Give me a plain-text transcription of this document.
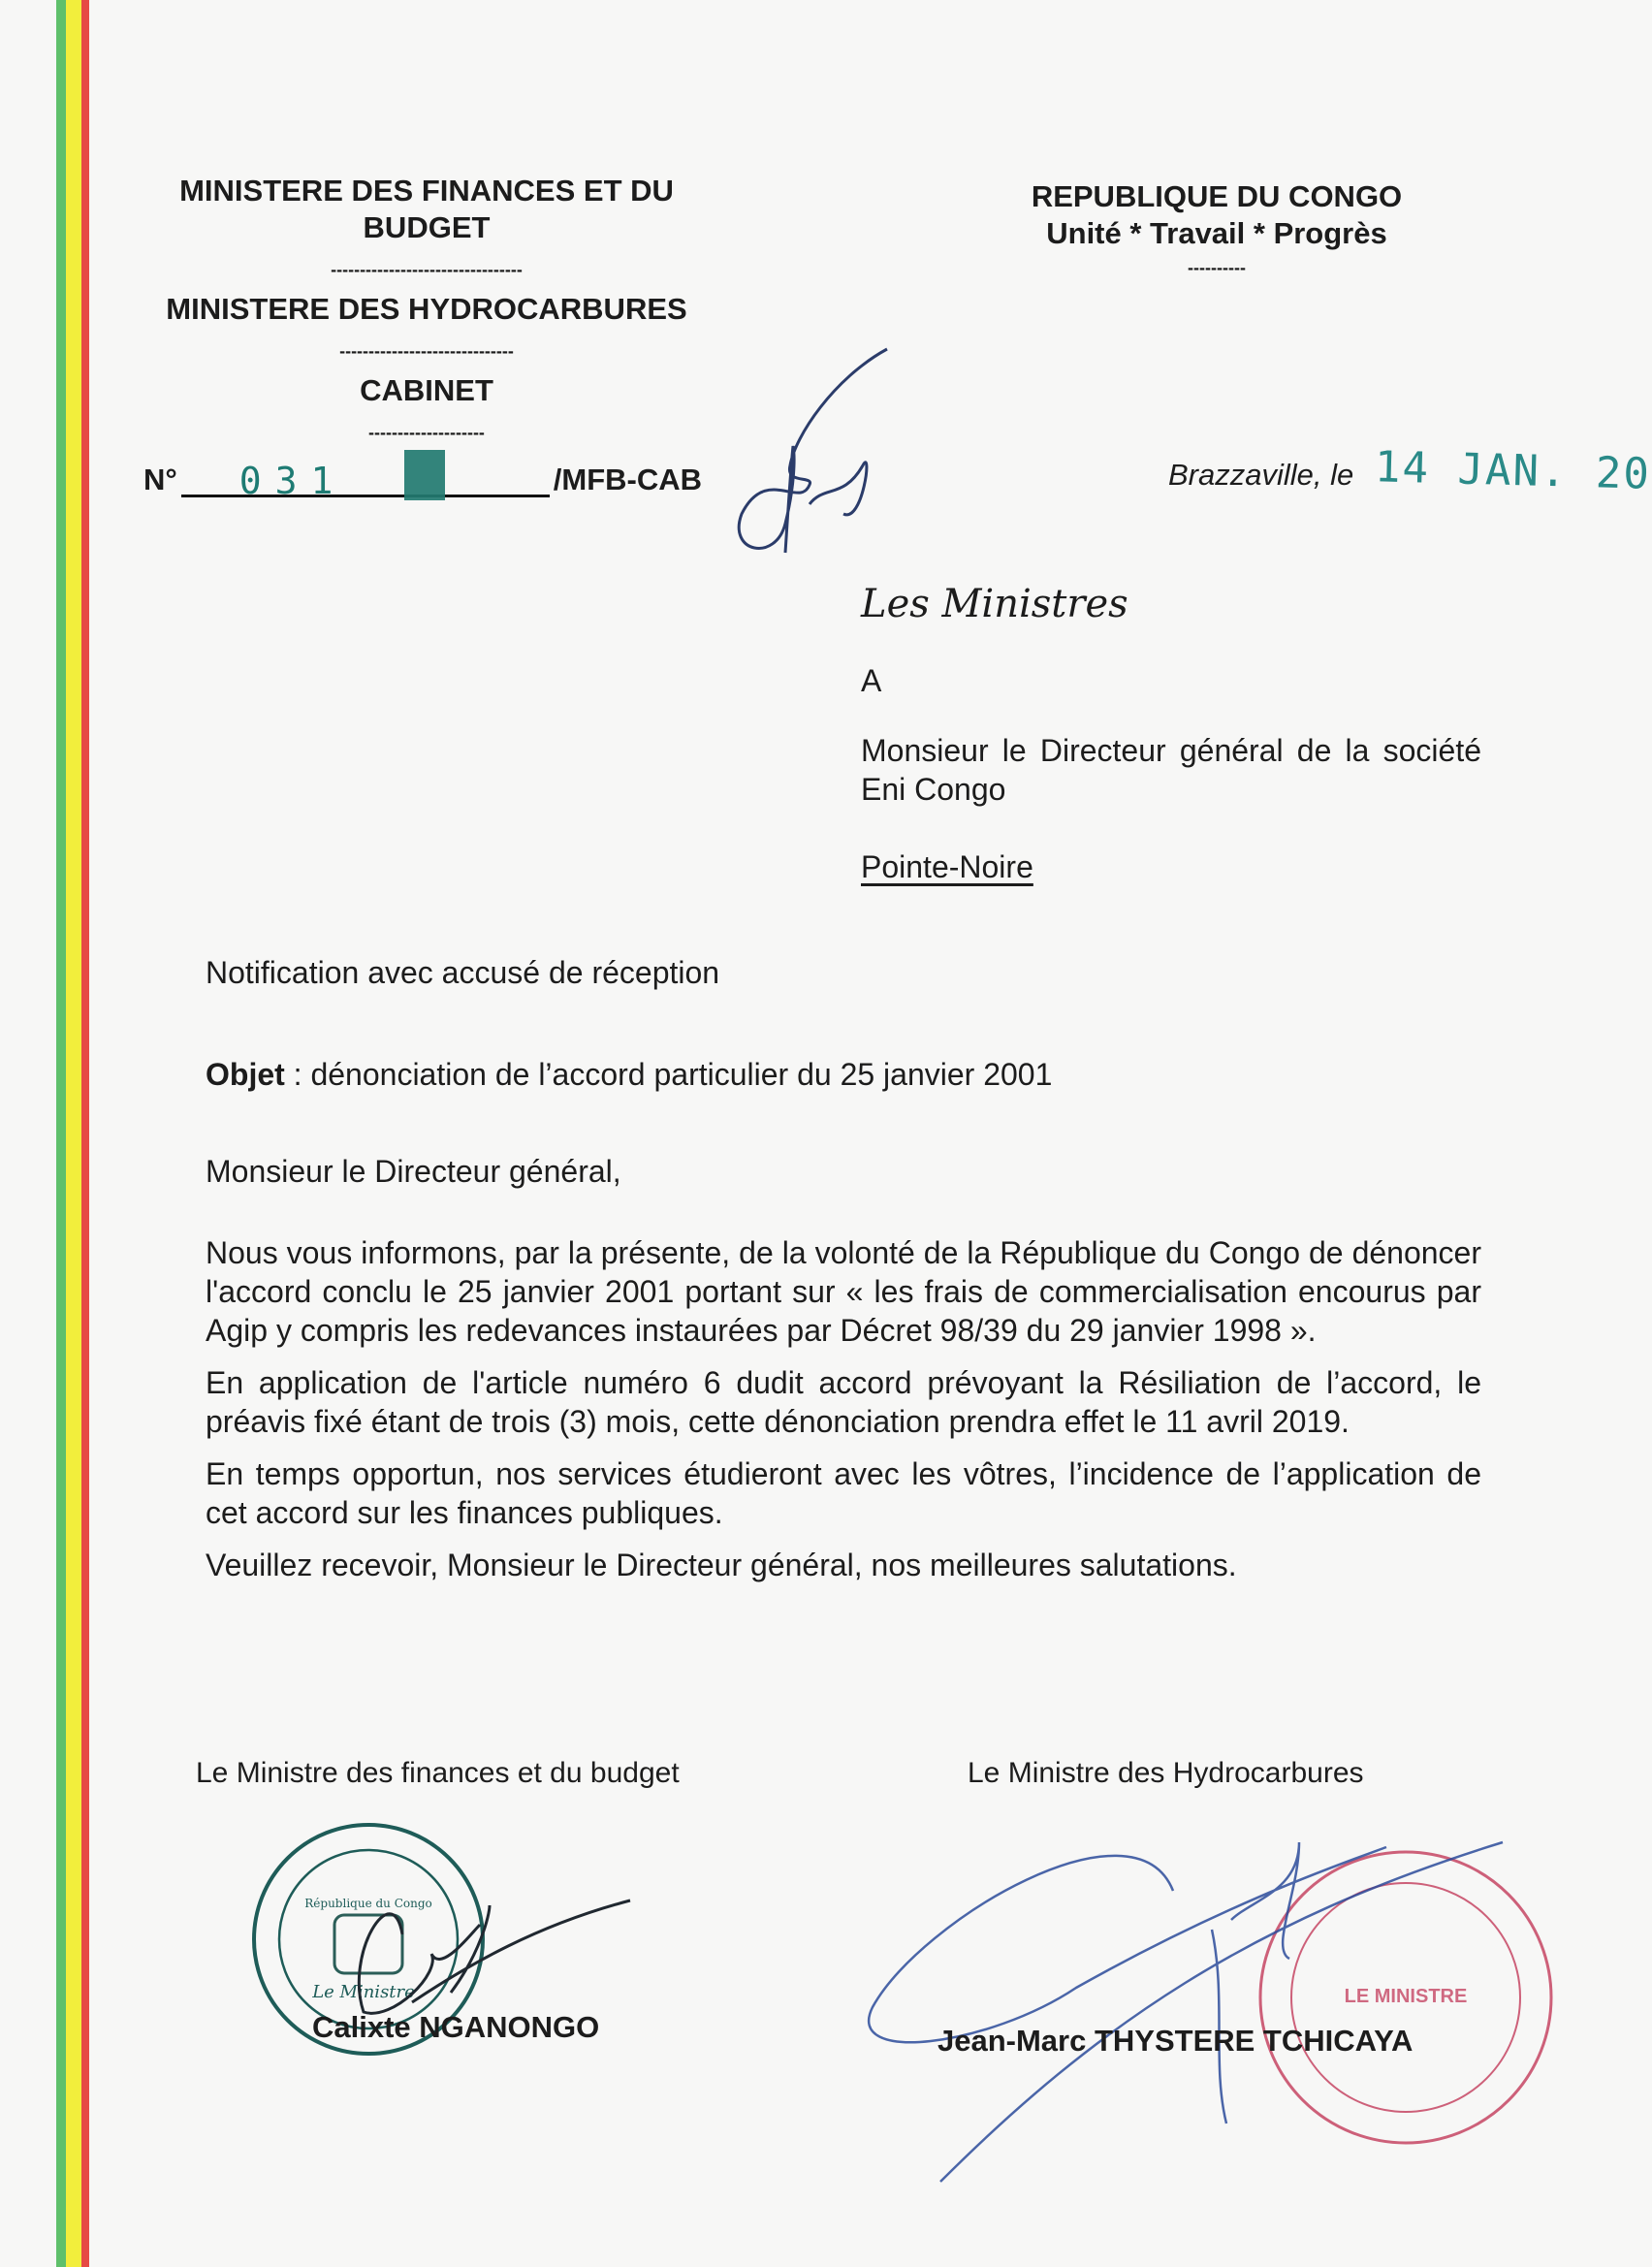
MINISTERE DES FINANCES ET DU BUDGET
---------------------------------
MINISTERE DES HYDROCARBURES
------------------------------
CABINET
--------------------
REPUBLIQUE DU CONGO
Unité * Travail * Progrès
----------
N° 031	/MFB-CAB	Brazzaville, le 14 JAN. 20
Les Ministres
A
Monsieur le Directeur général de la société Eni Congo
Pointe-Noire
Notification avec accusé de réception
Objet : dénonciation de l’accord particulier du 25 janvier 2001
Monsieur le Directeur général,

Nous vous informons, par la présente, de la volonté de la République du Congo de dénoncer l'accord conclu le 25 janvier 2001 portant sur « les frais de commercialisation encourus par Agip y compris les redevances instaurées par Décret 98/39 du 29 janvier 1998 ».

En application de l'article numéro 6 dudit accord prévoyant la Résiliation de l’accord, le préavis fixé étant de trois (3) mois, cette dénonciation prendra effet le 11 avril 2019.

En temps opportun, nos services étudieront avec les vôtres, l’incidence de l’application de cet accord sur les finances publiques.

Veuillez recevoir, Monsieur le Directeur général, nos meilleures salutations.

Le Ministre des finances et du budget
République du Congo
Le Ministre
Calixte NGANONGO
Le Ministre des Hydrocarbures
LE MINISTRE
Jean-Marc THYSTERE TCHICAYA
